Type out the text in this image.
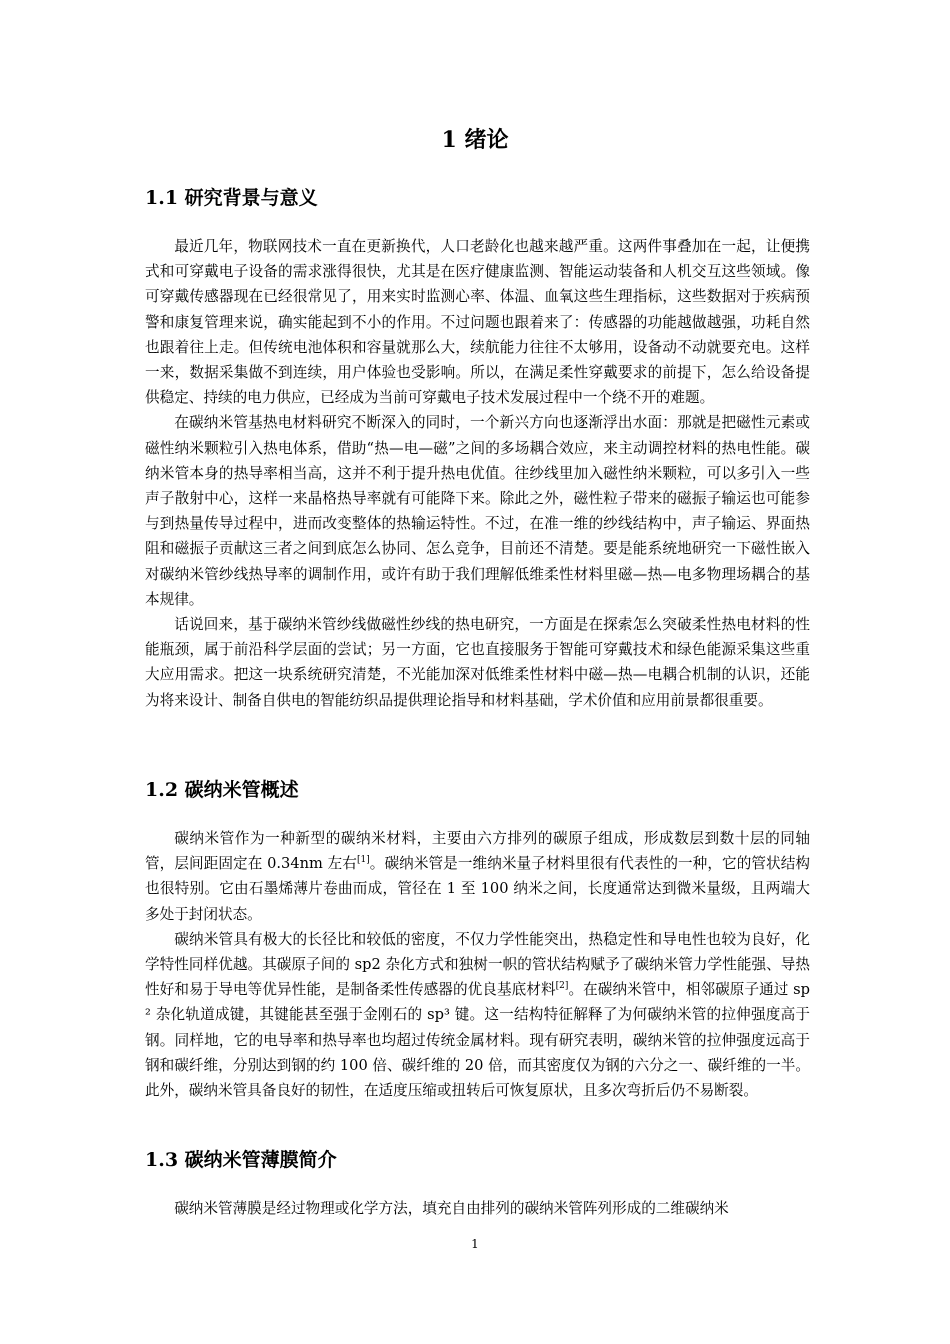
1 绪论
1.1 研究背景与意义

最近几年，物联网技术一直在更新换代，人口老龄化也越来越严重。这两件事叠加在一起，让便携式和可穿戴电子设备的需求涨得很快，尤其是在医疗健康监测、智能运动装备和人机交互这些领域。像可穿戴传感器现在已经很常见了，用来实时监测心率、体温、血氧这些生理指标，这些数据对于疾病预警和康复管理来说，确实能起到不小的作用。不过问题也跟着来了：传感器的功能越做越强，功耗自然也跟着往上走。但传统电池体积和容量就那么大，续航能力往往不太够用，设备动不动就要充电。这样一来，数据采集做不到连续，用户体验也受影响。所以，在满足柔性穿戴要求的前提下，怎么给设备提供稳定、持续的电力供应，已经成为当前可穿戴电子技术发展过程中一个绕不开的难题。

在碳纳米管基热电材料研究不断深入的同时，一个新兴方向也逐渐浮出水面：那就是把磁性元素或磁性纳米颗粒引入热电体系，借助“热—电—磁”之间的多场耦合效应，来主动调控材料的热电性能。碳纳米管本身的热导率相当高，这并不利于提升热电优值。往纱线里加入磁性纳米颗粒，可以多引入一些声子散射中心，这样一来晶格热导率就有可能降下来。除此之外，磁性粒子带来的磁振子输运也可能参与到热量传导过程中，进而改变整体的热输运特性。不过，在准一维的纱线结构中，声子输运、界面热阻和磁振子贡献这三者之间到底怎么协同、怎么竞争，目前还不清楚。要是能系统地研究一下磁性嵌入对碳纳米管纱线热导率的调制作用，或许有助于我们理解低维柔性材料里磁—热—电多物理场耦合的基本规律。

话说回来，基于碳纳米管纱线做磁性纱线的热电研究，一方面是在探索怎么突破柔性热电材料的性能瓶颈，属于前沿科学层面的尝试；另一方面，它也直接服务于智能可穿戴技术和绿色能源采集这些重大应用需求。把这一块系统研究清楚，不光能加深对低维柔性材料中磁—热—电耦合机制的认识，还能为将来设计、制备自供电的智能纺织品提供理论指导和材料基础，学术价值和应用前景都很重要。

1.2 碳纳米管概述

碳纳米管作为一种新型的碳纳米材料，主要由六方排列的碳原子组成，形成数层到数十层的同轴管，层间距固定在 0.34nm 左右[1]。碳纳米管是一维纳米量子材料里很有代表性的一种，它的管状结构也很特别。它由石墨烯薄片卷曲而成，管径在 1 至 100 纳米之间，长度通常达到微米量级，且两端大多处于封闭状态。

碳纳米管具有极大的长径比和较低的密度，不仅力学性能突出，热稳定性和导电性也较为良好，化学特性同样优越。其碳原子间的 sp2 杂化方式和独树一帜的管状结构赋予了碳纳米管力学性能强、导热性好和易于导电等优异性能，是制备柔性传感器的优良基底材料[2]。在碳纳米管中，相邻碳原子通过 sp² 杂化轨道成键，其键能甚至强于金刚石的 sp³ 键。这一结构特征解释了为何碳纳米管的拉伸强度高于钢。同样地，它的电导率和热导率也均超过传统金属材料。现有研究表明，碳纳米管的拉伸强度远高于钢和碳纤维，分别达到钢的约 100 倍、碳纤维的 20 倍，而其密度仅为钢的六分之一、碳纤维的一半。此外，碳纳米管具备良好的韧性，在适度压缩或扭转后可恢复原状，且多次弯折后仍不易断裂。

1.3 碳纳米管薄膜简介

碳纳米管薄膜是经过物理或化学方法，填充自由排列的碳纳米管阵列形成的二维碳纳米

1
